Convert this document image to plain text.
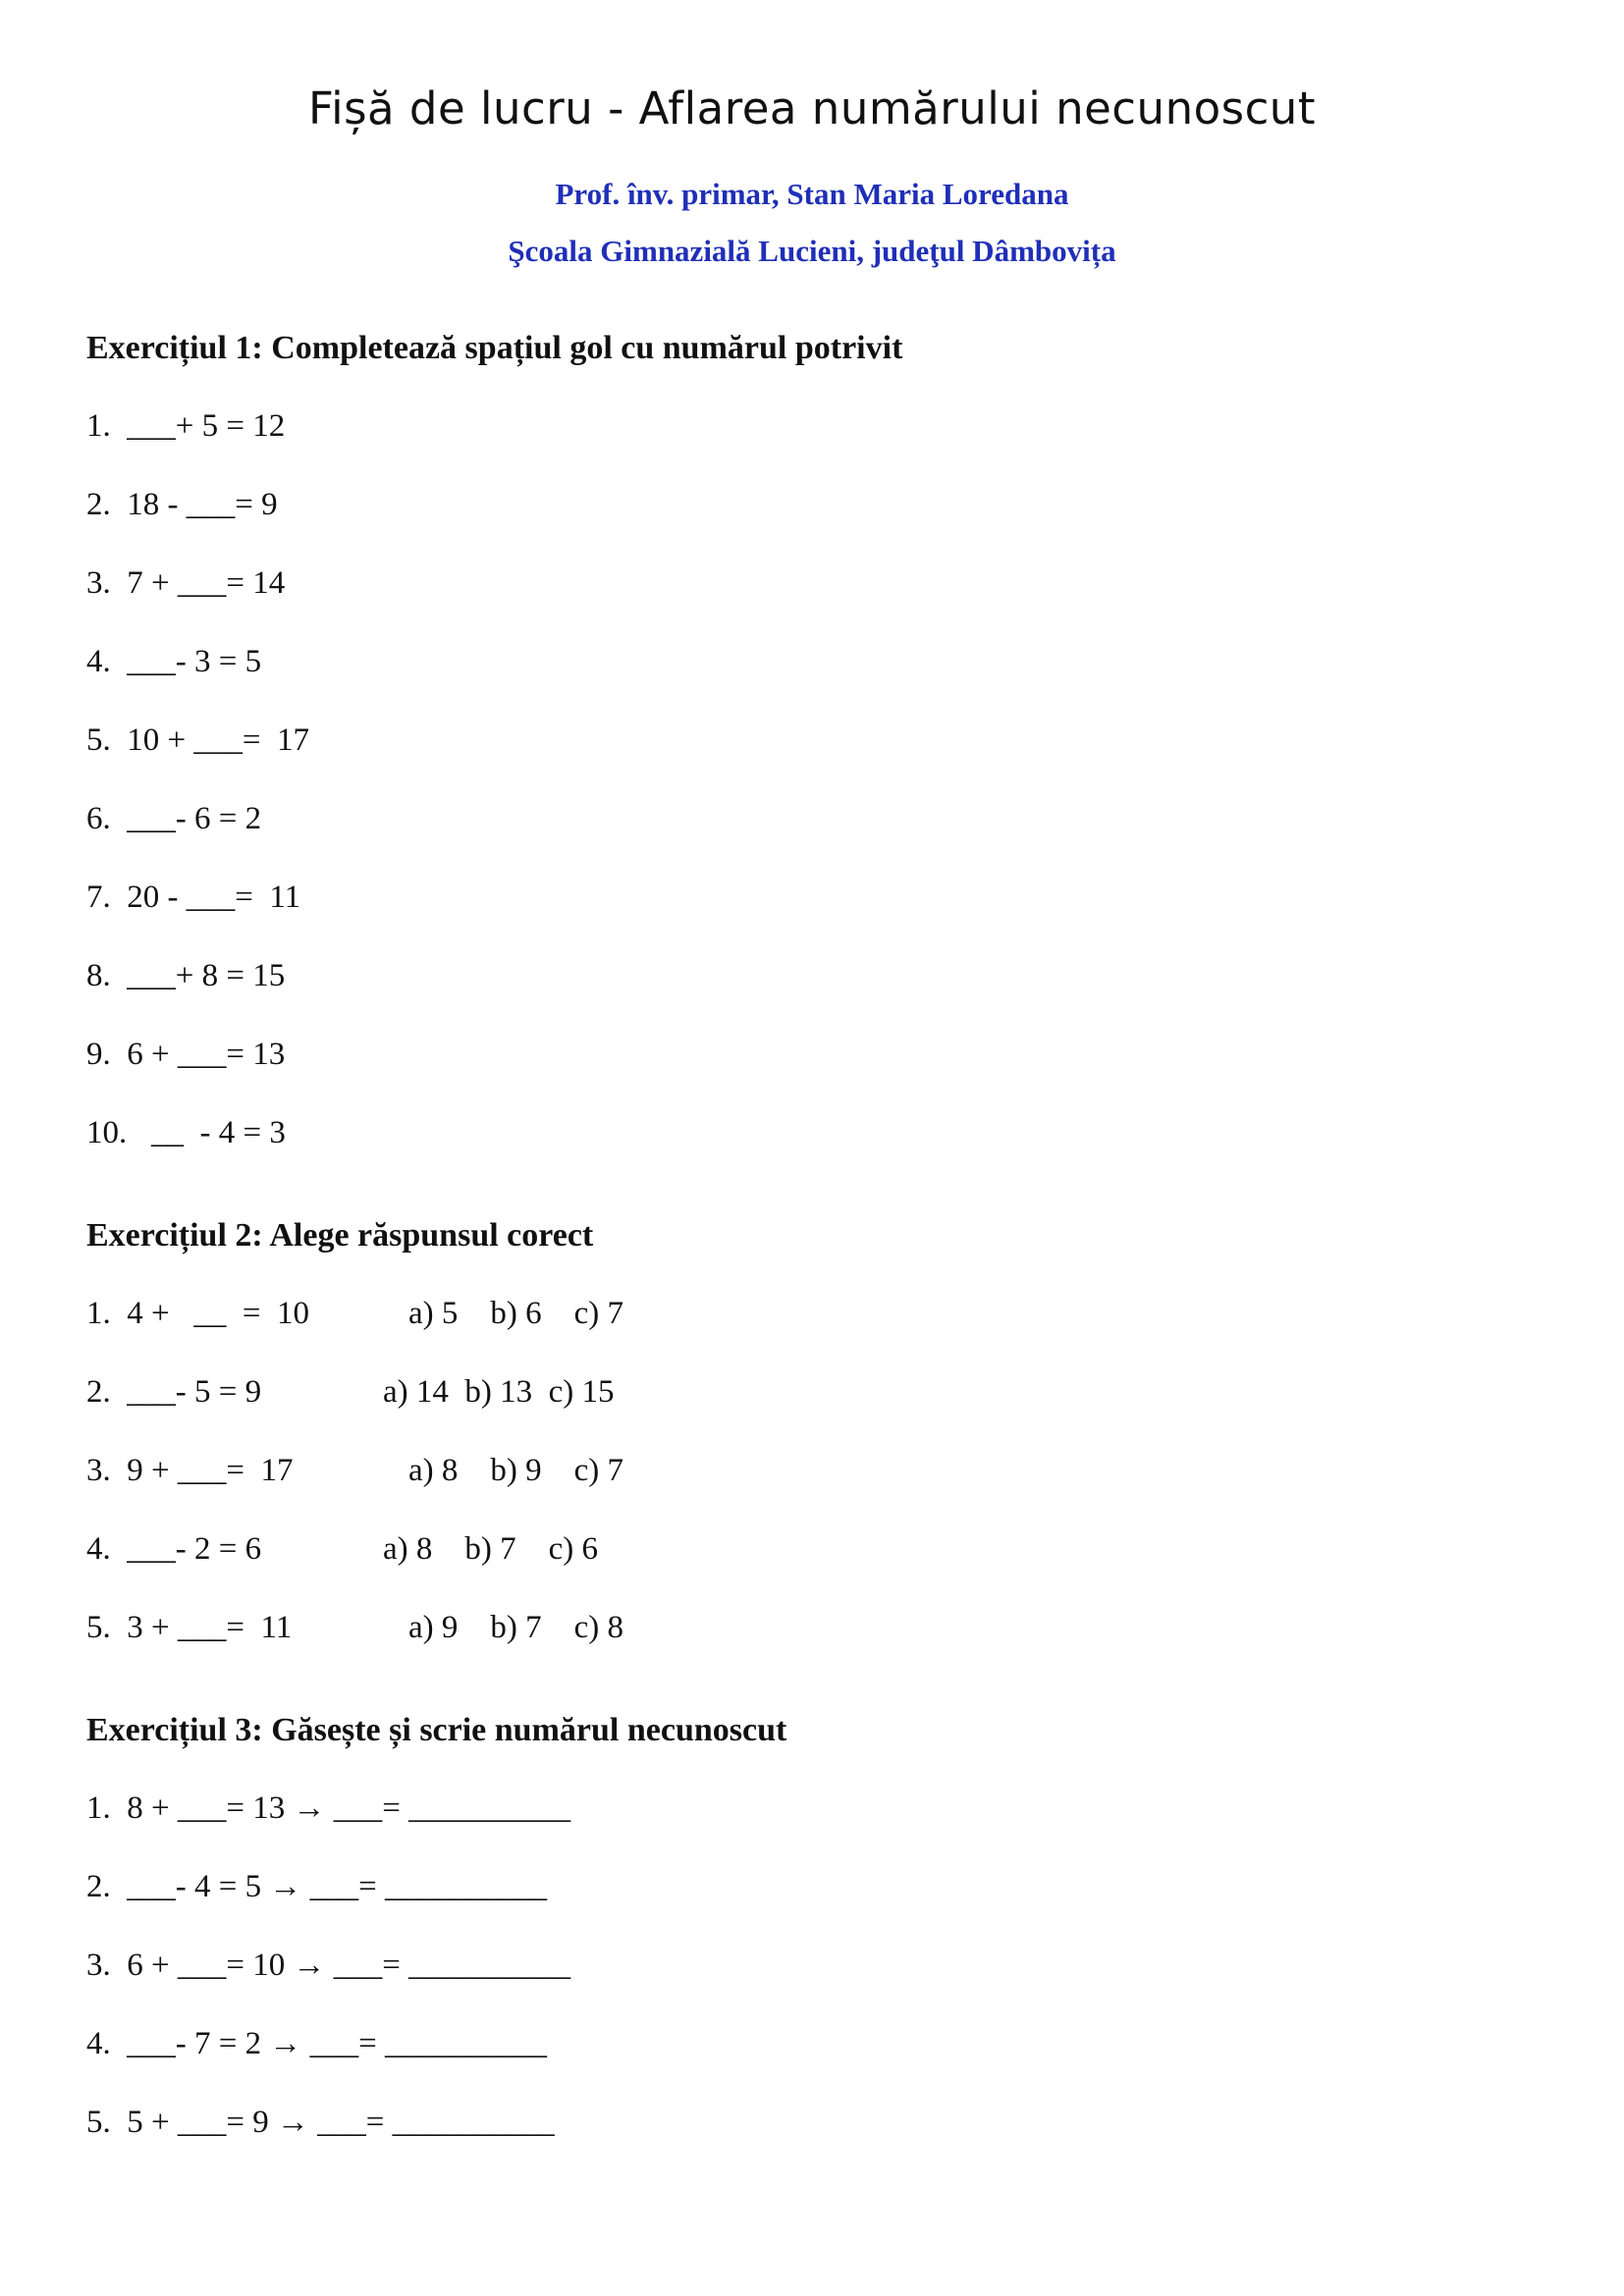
Fișă de lucru - Aflarea numărului necunoscut
Prof. înv. primar, Stan Maria Loredana
Şcoala Gimnazială Lucieni, judeţul Dâmbovița
Exercițiul 1: Completează spațiul gol cu numărul potrivit
1.  ___+ 5 = 12
2.  18 - ___= 9
3.  7 + ___= 14
4.  ___- 3 = 5
5.  10 + ___=  17
6.  ___- 6 = 2
7.  20 - ___=  11
8.  ___+ 8 = 15
9.  6 + ___= 13
10.   __  - 4 = 3
Exercițiul 2: Alege răspunsul corect
1.  4 +   __  =  10	a) 5    b) 6    c) 7
2.  ___- 5 = 9	a) 14  b) 13  c) 15
3.  9 + ___=  17	a) 8    b) 9    c) 7
4.  ___- 2 = 6	a) 8    b) 7    c) 6
5.  3 + ___=  11	a) 9    b) 7    c) 8
Exercițiul 3: Găsește și scrie numărul necunoscut
1.  8 + ___= 13 → ___= __________
2.  ___- 4 = 5 → ___= __________
3.  6 + ___= 10 → ___= __________
4.  ___- 7 = 2 → ___= __________
5.  5 + ___= 9 → ___= __________
